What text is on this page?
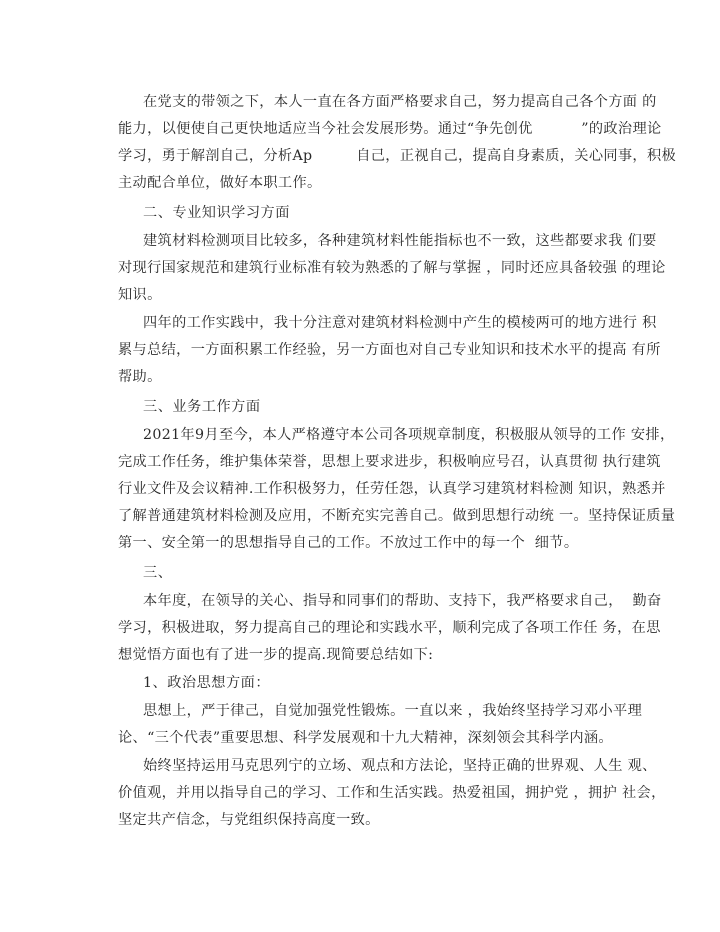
在党支的带领之下，本人一直在各方面严格要求自己，努力提高自己各个方面 的
能力，以便使自己更快地适应当今社会发展形势。通过“争先创优          ”的政治理论
学习，勇于解剖自己，分析Ap         自己，正视自己，提高自身素质，关心同事，积极
主动配合单位，做好本职工作。
二、专业知识学习方面
建筑材料检测项目比较多，各种建筑材料性能指标也不一致，这些都要求我 们要
对现行国家规范和建筑行业标准有较为熟悉的了解与掌握 ，同时还应具备较强 的理论
知识。
四年的工作实践中，我十分注意对建筑材料检测中产生的模棱两可的地方进行 积
累与总结，一方面积累工作经验，另一方面也对自己专业知识和技术水平的提高 有所
帮助。
三、业务工作方面
2021年9月至今，本人严格遵守本公司各项规章制度，积极服从领导的工作 安排，
完成工作任务，维护集体荣誉，思想上要求进步，积极响应号召，认真贯彻 执行建筑
行业文件及会议精神.工作积极努力，任劳任怨，认真学习建筑材料检测 知识，熟悉并
了解普通建筑材料检测及应用，不断充实完善自己。做到思想行动统 一。坚持保证质量
第一、安全第一的思想指导自己的工作。不放过工作中的每一个  细节。
三、
本年度，在领导的关心、指导和同事们的帮助、支持下，我严格要求自己，  勤奋
学习，积极进取，努力提高自己的理论和实践水平，顺利完成了各项工作任 务，在思
想觉悟方面也有了进一步的提高.现简要总结如下:
1、政治思想方面：
思想上，严于律己，自觉加强党性锻炼。一直以来 ，我始终坚持学习邓小平理
论、“三个代表”重要思想、科学发展观和十九大精神，深刻领会其科学内涵。
始终坚持运用马克思列宁的立场、观点和方法论，坚持正确的世界观、人生 观、
价值观，并用以指导自己的学习、工作和生活实践。热爱祖国，拥护党 ，拥护 社会，
坚定共产信念，与党组织保持高度一致。
